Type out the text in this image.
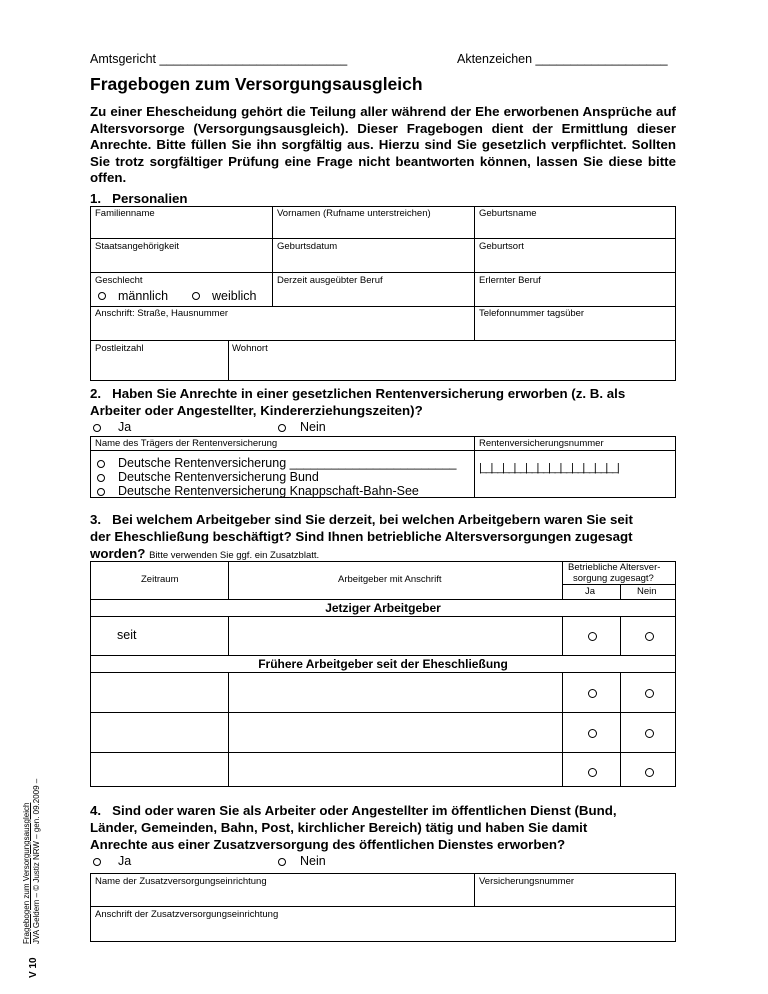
Amtsgericht ___________________________	Aktenzeichen ___________________
Fragebogen zum Versorgungsausgleich
Zu einer Ehescheidung gehört die Teilung aller während der Ehe erworbenen Ansprüche auf Altersvorsorge (Versorgungsausgleich). Dieser Fragebogen dient der Ermittlung dieser Anrechte. Bitte füllen Sie ihn sorgfältig aus. Hierzu sind Sie gesetzlich verpflichtet. Sollten Sie trotz sorgfältiger Prüfung eine Frage nicht beantworten können, lassen Sie diese bitte offen.
1.   Personalien
Familienname	Vornamen (Rufname unterstreichen)	Geburtsname
Staatsangehörigkeit	Geburtsdatum	Geburtsort
Geschlecht	Derzeit ausgeübter Beruf	Erlernter Beruf
männlich	weiblich
Anschrift: Straße, Hausnummer	Telefonnummer tagsüber
Postleitzahl	Wohnort
2.   Haben Sie Anrechte in einer gesetzlichen Rentenversicherung erworben (z. B. als
Arbeiter oder Angestellter, Kindererziehungszeiten)?
Ja	Nein
Name des Trägers der Rentenversicherung	Rentenversicherungsnummer
Deutsche Rentenversicherung ________________________
Deutsche Rentenversicherung Bund
Deutsche Rentenversicherung Knappschaft-Bahn-See
|__|__|__|__|__|__|__|__|__|__|__|__|
3.   Bei welchem Arbeitgeber sind Sie derzeit, bei welchen Arbeitgebern waren Sie seit
der Eheschließung beschäftigt? Sind Ihnen betriebliche Altersversorgungen zugesagt
worden? Bitte verwenden Sie ggf. ein Zusatzblatt.
Zeitraum	Arbeitgeber mit Anschrift
Betriebliche Altersver-
sorgung zugesagt?
Ja	Nein
Jetziger Arbeitgeber
seit
Frühere Arbeitgeber seit der Eheschließung
4.   Sind oder waren Sie als Arbeiter oder Angestellter im öffentlichen Dienst (Bund,
Länder, Gemeinden, Bahn, Post, kirchlicher Bereich) tätig und haben Sie damit
Anrechte aus einer Zusatzversorgung des öffentlichen Dienstes erworben?
Ja	Nein
Name der Zusatzversorgungseinrichtung	Versicherungsnummer
Anschrift der Zusatzversorgungseinrichtung
V 10
Fragebogen zum Versorgungsausgleich JVA Geldern – © Justiz NRW – gen. 09.2009 –
